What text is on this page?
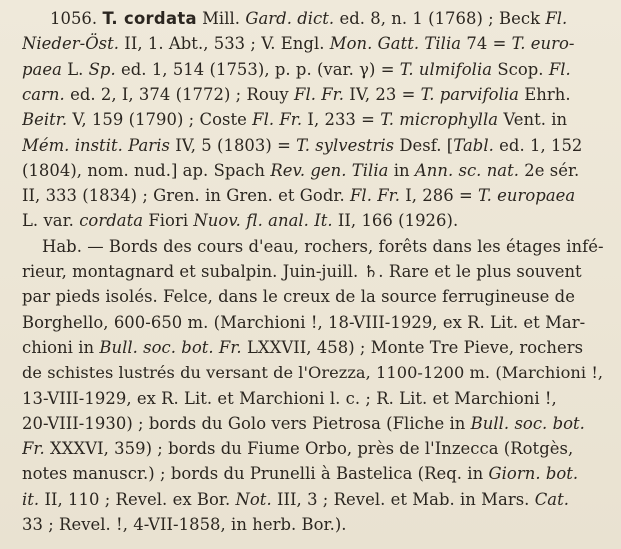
1056. T. cordata Mill. Gard. dict. ed. 8, n. 1 (1768) ; Beck Fl.
Nieder-Öst. II, 1. Abt., 533 ; V. Engl. Mon. Gatt. Tilia 74 = T. euro-
paea L. Sp. ed. 1, 514 (1753), p. p. (var. γ) = T. ulmifolia Scop. Fl.
carn. ed. 2, I, 374 (1772) ; Rouy Fl. Fr. IV, 23 = T. parvifolia Ehrh.
Beitr. V, 159 (1790) ; Coste Fl. Fr. I, 233 = T. microphylla Vent. in
Mém. instit. Paris IV, 5 (1803) = T. sylvestris Desf. [Tabl. ed. 1, 152
(1804), nom. nud.] ap. Spach Rev. gen. Tilia in Ann. sc. nat. 2e sér.
II, 333 (1834) ; Gren. in Gren. et Godr. Fl. Fr. I, 286 = T. europaea
L. var. cordata Fiori Nuov. fl. anal. It. II, 166 (1926).
Hab. — Bords des cours d'eau, rochers, forêts dans les étages infé-
rieur, montagnard et subalpin. Juin-juill. ♄. Rare et le plus souvent
par pieds isolés. Felce, dans le creux de la source ferrugineuse de
Borghello, 600-650 m. (Marchioni !, 18-VIII-1929, ex R. Lit. et Mar-
chioni in Bull. soc. bot. Fr. LXXVII, 458) ; Monte Tre Pieve, rochers
de schistes lustrés du versant de l'Orezza, 1100-1200 m. (Marchioni !,
13-VIII-1929, ex R. Lit. et Marchioni l. c. ; R. Lit. et Marchioni !,
20-VIII-1930) ; bords du Golo vers Pietrosa (Fliche in Bull. soc. bot.
Fr. XXXVI, 359) ; bords du Fiume Orbo, près de l'Inzecca (Rotgès,
notes manuscr.) ; bords du Prunelli à Bastelica (Req. in Giorn. bot.
it. II, 110 ; Revel. ex Bor. Not. III, 3 ; Revel. et Mab. in Mars. Cat.
33 ; Revel. !, 4-VII-1858, in herb. Bor.).
